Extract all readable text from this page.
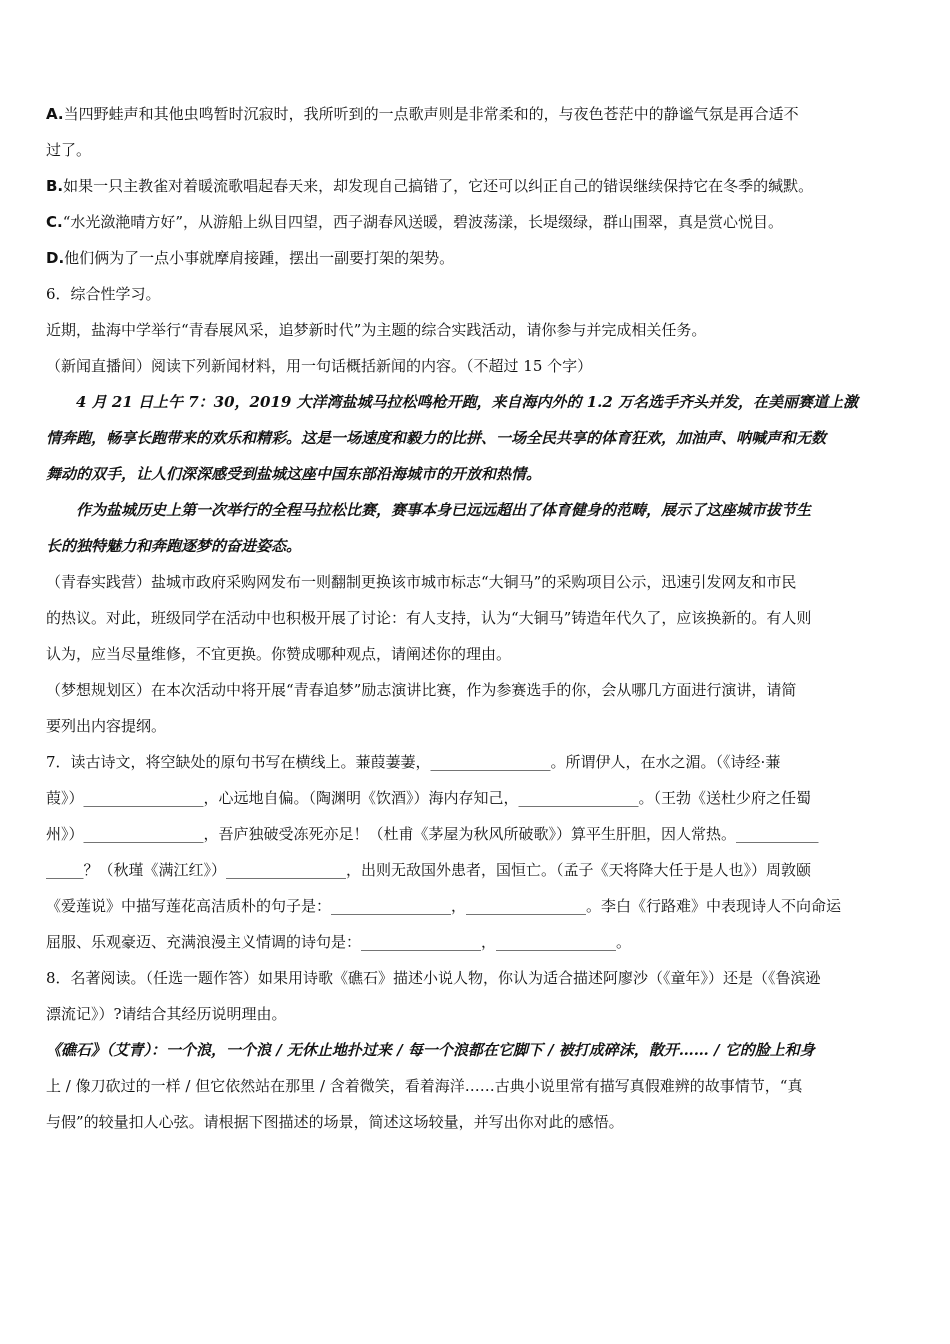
A.当四野蛙声和其他虫鸣暂时沉寂时，我所听到的一点歌声则是非常柔和的，与夜色苍茫中的静谧气氛是再合适不
过了。
B.如果一只主教雀对着暖流歌唱起春天来，却发现自己搞错了，它还可以纠正自己的错误继续保持它在冬季的缄默。
C.“水光潋滟晴方好”，从游船上纵目四望，西子湖春风送暖，碧波荡漾，长堤缀绿，群山围翠，真是赏心悦目。
D.他们俩为了一点小事就摩肩接踵，摆出一副要打架的架势。
6．综合性学习。
近期，盐海中学举行“青春展风采，追梦新时代”为主题的综合实践活动，请你参与并完成相关任务。
（新闻直播间）阅读下列新闻材料，用一句话概括新闻的内容。（不超过 15 个字）
4 月 21 日上午 7：30，2019 大洋湾盐城马拉松鸣枪开跑，来自海内外的 1.2 万名选手齐头并发，在美丽赛道上激
情奔跑，畅享长跑带来的欢乐和精彩。这是一场速度和毅力的比拼、一场全民共享的体育狂欢，加油声、呐喊声和无数
舞动的双手，让人们深深感受到盐城这座中国东部沿海城市的开放和热情。
作为盐城历史上第一次举行的全程马拉松比赛，赛事本身已远远超出了体育健身的范畴，展示了这座城市拔节生
长的独特魅力和奔跑逐梦的奋进姿态。
（青春实践营）盐城市政府采购网发布一则翻制更换该市城市标志“大铜马”的采购项目公示，迅速引发网友和市民
的热议。对此，班级同学在活动中也积极开展了讨论：有人支持，认为“大铜马”铸造年代久了，应该换新的。有人则
认为，应当尽量维修，不宜更换。你赞成哪种观点，请阐述你的理由。
（梦想规划区）在本次活动中将开展“青春追梦”励志演讲比赛，作为参赛选手的你，会从哪几方面进行演讲，请简
要列出内容提纲。
7．读古诗文，将空缺处的原句书写在横线上。蒹葭萋萋，________________。所谓伊人，在水之湄。（《诗经·蒹
葭》）________________，心远地自偏。（陶渊明《饮酒》）海内存知己，________________。（王勃《送杜少府之任蜀
州》）________________，吾庐独破受冻死亦足！（杜甫《茅屋为秋风所破歌》）算平生肝胆，因人常热。___________
_____？（秋瑾《满江红》）________________，出则无敌国外患者，国恒亡。（孟子《天将降大任于是人也》）周敦颐
《爱莲说》中描写莲花高洁质朴的句子是：________________，________________。李白《行路难》中表现诗人不向命运
屈服、乐观豪迈、充满浪漫主义情调的诗句是：________________，________________。
8．名著阅读。（任选一题作答）如果用诗歌《礁石》描述小说人物，你认为适合描述阿廖沙（《童年》）还是（《鲁滨逊
漂流记》）?请结合其经历说明理由。
《礁石》（艾青）：一个浪，一个浪 / 无休止地扑过来 / 每一个浪都在它脚下 / 被打成碎沫，散开…… / 它的脸上和身
上 / 像刀砍过的一样 / 但它依然站在那里 / 含着微笑，看着海洋……古典小说里常有描写真假难辨的故事情节，“真
与假”的较量扣人心弦。请根据下图描述的场景，简述这场较量，并写出你对此的感悟。
